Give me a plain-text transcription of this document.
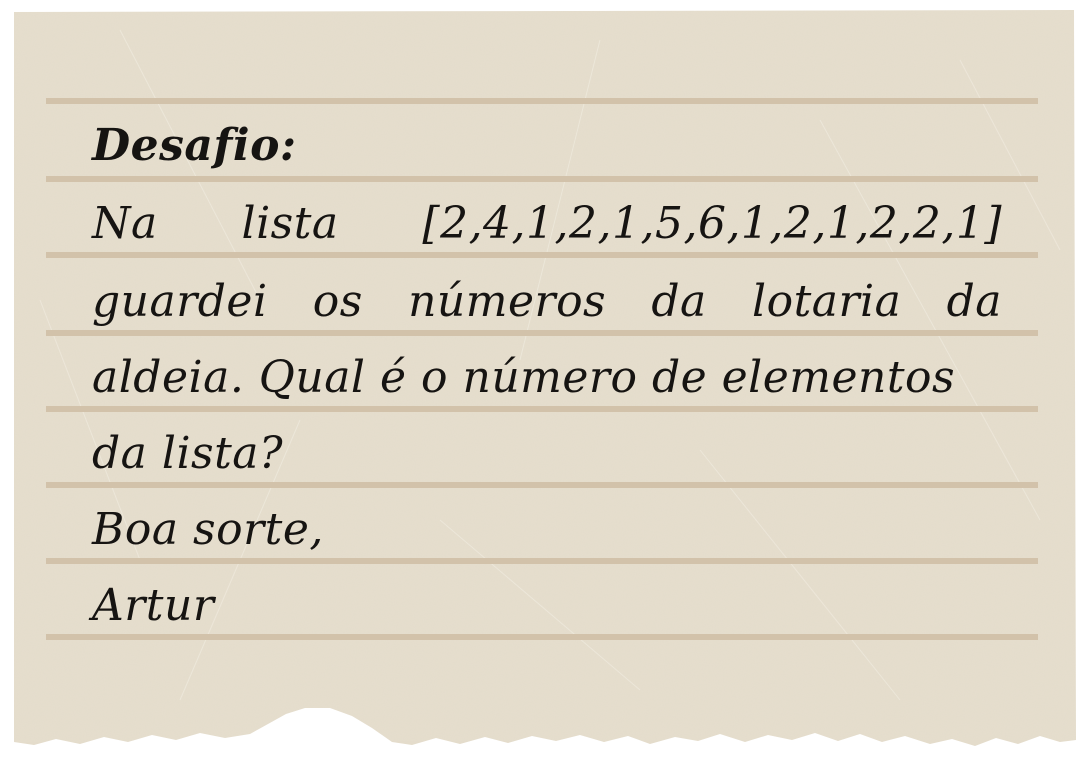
Desafio:
Na lista [2,4,1,2,1,5,6,1,2,1,2,2,1]
guardei os números da lotaria da
aldeia. Qual é o número de elementos
da lista?
Boa sorte,
Artur
